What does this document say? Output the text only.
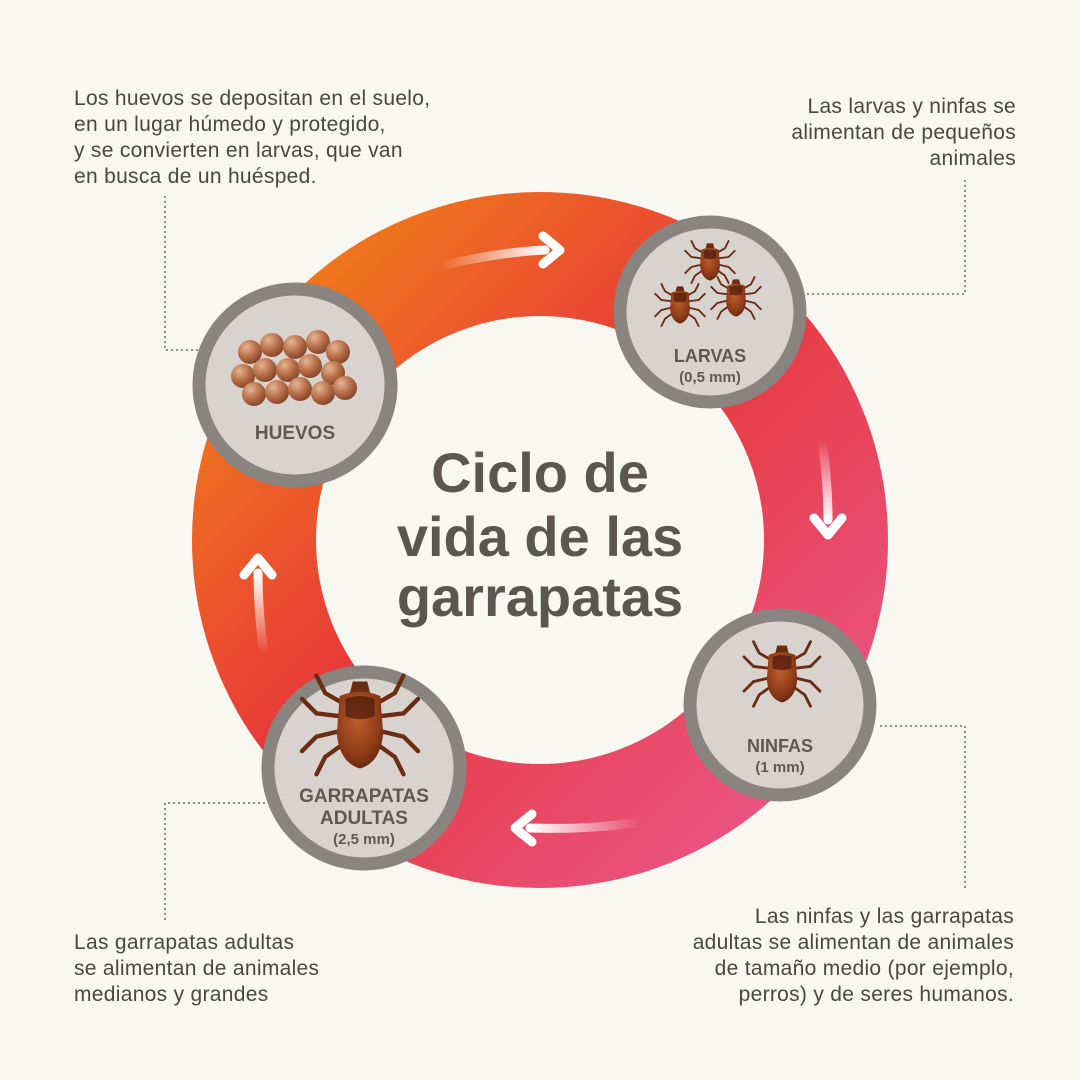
HUEVOS
LARVAS
(0,5 mm)
NINFAS
(1 mm)
GARRAPATAS
ADULTAS
(2,5 mm)
Ciclo de
vida de las
garrapatas
Los huevos se depositan en el suelo,
en un lugar húmedo y protegido,
y se convierten en larvas, que van
en busca de un huésped.
Las larvas y ninfas se
alimentan de pequeños
animales
Las ninfas y las garrapatas
adultas se alimentan de animales
de tamaño medio (por ejemplo,
perros) y de seres humanos.
Las garrapatas adultas
se alimentan de animales
medianos y grandes
